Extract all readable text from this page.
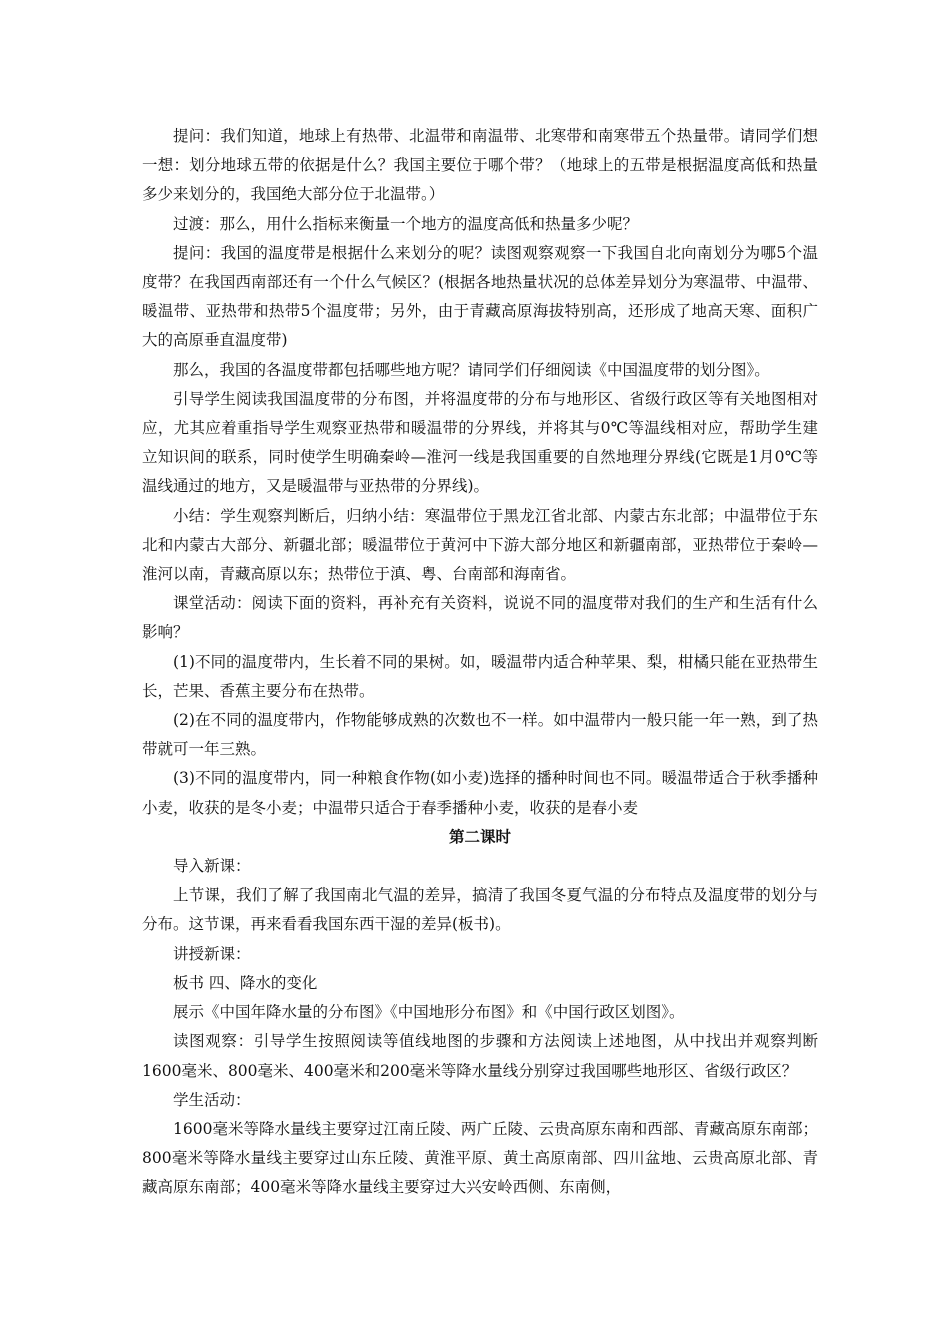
提问：我们知道，地球上有热带、北温带和南温带、北寒带和南寒带五个热量带。请同学们想一想：划分地球五带的依据是什么？我国主要位于哪个带？（地球上的五带是根据温度高低和热量多少来划分的，我国绝大部分位于北温带。）

过渡：那么，用什么指标来衡量一个地方的温度高低和热量多少呢？

提问：我国的温度带是根据什么来划分的呢？读图观察观察一下我国自北向南划分为哪5个温度带？在我国西南部还有一个什么气候区？(根据各地热量状况的总体差异划分为寒温带、中温带、暖温带、亚热带和热带5个温度带；另外，由于青藏高原海拔特别高，还形成了地高天寒、面积广大的高原垂直温度带)

那么，我国的各温度带都包括哪些地方呢？请同学们仔细阅读《中国温度带的划分图》。

引导学生阅读我国温度带的分布图，并将温度带的分布与地形区、省级行政区等有关地图相对应，尤其应着重指导学生观察亚热带和暖温带的分界线，并将其与0℃等温线相对应，帮助学生建立知识间的联系，同时使学生明确秦岭—淮河一线是我国重要的自然地理分界线(它既是1月0℃等温线通过的地方，又是暖温带与亚热带的分界线)。

小结：学生观察判断后，归纳小结：寒温带位于黑龙江省北部、内蒙古东北部；中温带位于东北和内蒙古大部分、新疆北部；暖温带位于黄河中下游大部分地区和新疆南部，亚热带位于秦岭—淮河以南，青藏高原以东；热带位于滇、粤、台南部和海南省。

课堂活动：阅读下面的资料，再补充有关资料，说说不同的温度带对我们的生产和生活有什么影响？

(1)不同的温度带内，生长着不同的果树。如，暖温带内适合种苹果、梨，柑橘只能在亚热带生长，芒果、香蕉主要分布在热带。

(2)在不同的温度带内，作物能够成熟的次数也不一样。如中温带内一般只能一年一熟，到了热带就可一年三熟。

(3)不同的温度带内，同一种粮食作物(如小麦)选择的播种时间也不同。暖温带适合于秋季播种小麦，收获的是冬小麦；中温带只适合于春季播种小麦，收获的是春小麦

第二课时

导入新课：

上节课，我们了解了我国南北气温的差异，搞清了我国冬夏气温的分布特点及温度带的划分与分布。这节课，再来看看我国东西干湿的差异(板书)。

讲授新课：

板书 四、降水的变化

展示《中国年降水量的分布图》《中国地形分布图》和《中国行政区划图》。

读图观察：引导学生按照阅读等值线地图的步骤和方法阅读上述地图，从中找出并观察判断1600毫米、800毫米、400毫米和200毫米等降水量线分别穿过我国哪些地形区、省级行政区？

学生活动：

1600毫米等降水量线主要穿过江南丘陵、两广丘陵、云贵高原东南和西部、青藏高原东南部；800毫米等降水量线主要穿过山东丘陵、黄淮平原、黄土高原南部、四川盆地、云贵高原北部、青藏高原东南部；400毫米等降水量线主要穿过大兴安岭西侧、东南侧，
